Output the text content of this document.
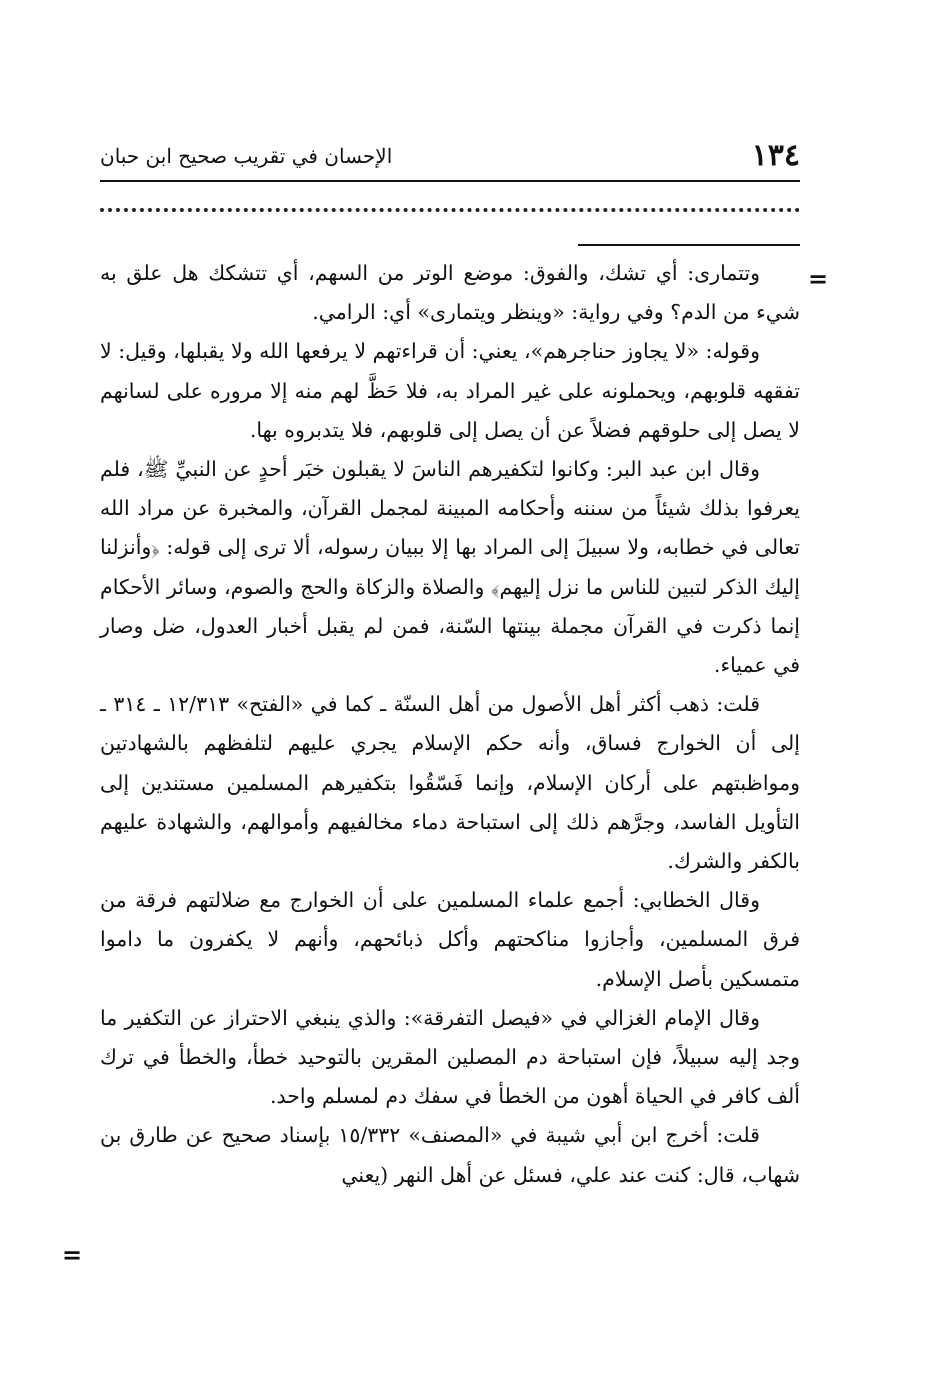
١٣٤
الإحسان في تقريب صحيح ابن حبان
=
=

وتتمارى: أي تشك، والفوق: موضع الوتر من السهم، أي تتشكك هل علق به شيء من الدم؟ وفي رواية: «وينظر ويتمارى» أي: الرامي.

وقوله: «لا يجاوز حناجرهم»، يعني: أن قراءتهم لا يرفعها الله ولا يقبلها، وقيل: لا تفقهه قلوبهم، ويحملونه على غير المراد به، فلا حَظَّ لهم منه إلا مروره على لسانهم لا يصل إلى حلوقهم فضلاً عن أن يصل إلى قلوبهم، فلا يتدبروه بها.

وقال ابن عبد البر: وكانوا لتكفيرهم الناسَ لا يقبلون خبَر أحدٍ عن النبيِّ ﷺ، فلم يعرفوا بذلك شيئاً من سننه وأحكامه المبينة لمجمل القرآن، والمخبرة عن مراد الله تعالى في خطابه، ولا سبيلَ إلى المراد بها إلا ببيان رسوله، ألا ترى إلى قوله: ﴿وأنزلنا إليك الذكر لتبين للناس ما نزل إليهم﴾ والصلاة والزكاة والحج والصوم، وسائر الأحكام إنما ذكرت في القرآن مجملة بينتها السّنة، فمن لم يقبل أخبار العدول، ضل وصار في عمياء.

قلت: ذهب أكثر أهل الأصول من أهل السنّة ـ كما في «الفتح» ١٢/٣١٣ ـ ٣١٤ ـ إلى أن الخوارج فساق، وأنه حكم الإسلام يجري عليهم لتلفظهم بالشهادتين ومواظبتهم على أركان الإسلام، وإنما فَسّقُوا بتكفيرهم المسلمين مستندين إلى التأويل الفاسد، وجرَّهم ذلك إلى استباحة دماء مخالفيهم وأموالهم، والشهادة عليهم بالكفر والشرك.

وقال الخطابي: أجمع علماء المسلمين على أن الخوارج مع ضلالتهم فرقة من فرق المسلمين، وأجازوا مناكحتهم وأكل ذبائحهم، وأنهم لا يكفرون ما داموا متمسكين بأصل الإسلام.

وقال الإمام الغزالي في «فيصل التفرقة»: والذي ينبغي الاحتراز عن التكفير ما وجد إليه سبيلاً، فإن استباحة دم المصلين المقرين بالتوحيد خطأ، والخطأ في ترك ألف كافر في الحياة أهون من الخطأ في سفك دم لمسلم واحد.

قلت: أخرج ابن أبي شيبة في «المصنف» ١٥/٣٣٢ بإسناد صحيح عن طارق بن شهاب، قال: كنت عند علي، فسئل عن أهل النهر (يعني
